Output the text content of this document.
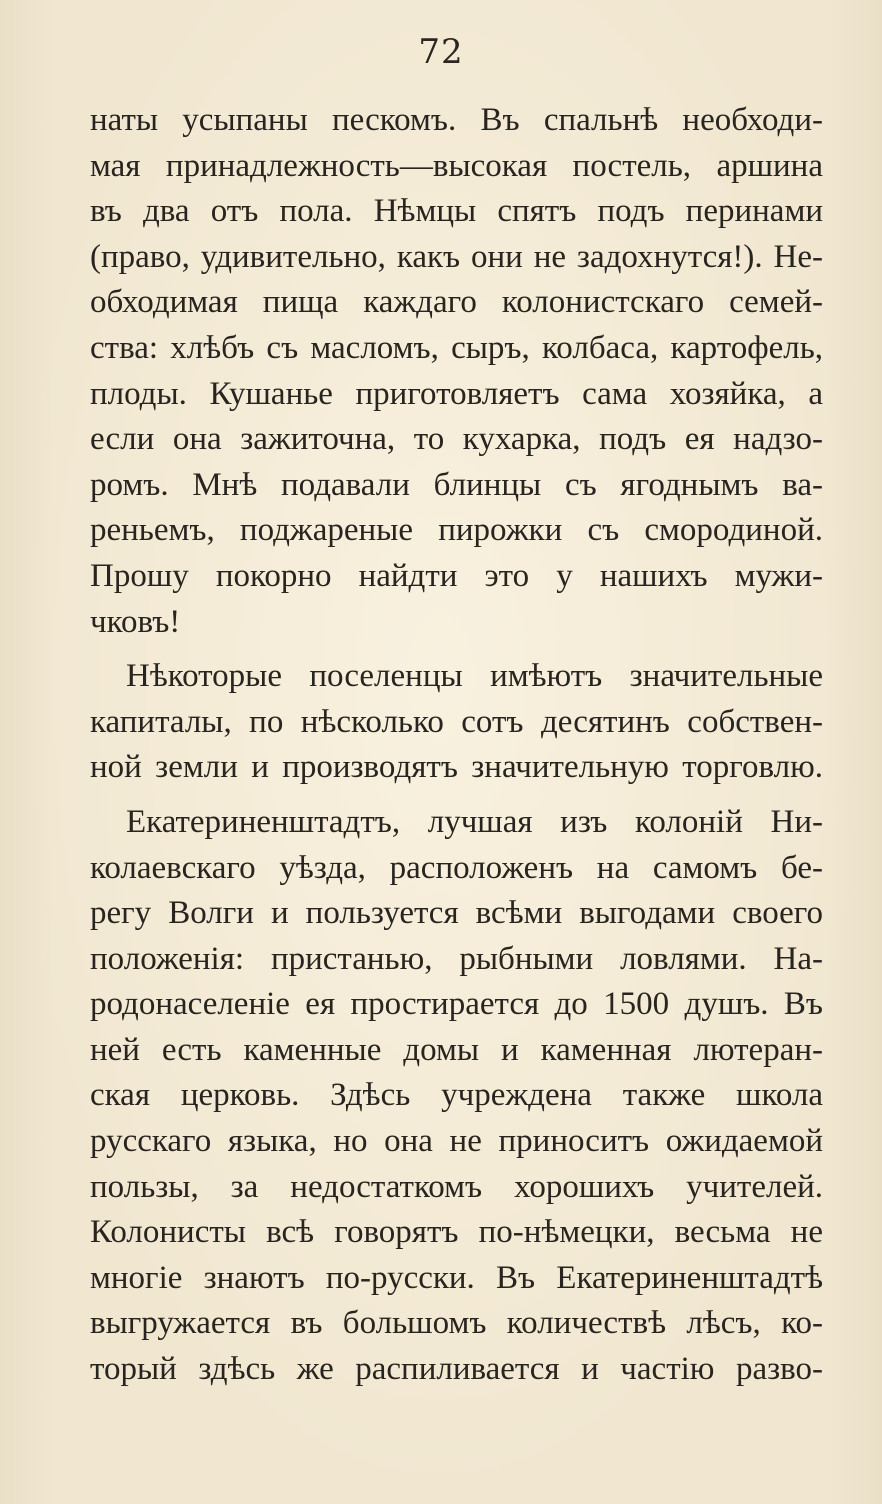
72
наты усыпаны пескомъ. Въ спальнѣ необходи-
мая принадлежность—высокая постель, аршина
въ два отъ пола. Нѣмцы спятъ подъ перинами
(право, удивительно, какъ они не задохнутся!). Не-
обходимая пища каждаго колонистскаго семей-
ства: хлѣбъ съ масломъ, сыръ, колбаса, картофель,
плоды. Кушанье приготовляетъ сама хозяйка, а
если она зажиточна, то кухарка, подъ ея надзо-
ромъ. Мнѣ подавали блинцы съ ягоднымъ ва-
реньемъ, поджареные пирожки съ смородиной.
Прошу покорно найдти это у нашихъ мужи-
чковъ!
Нѣкоторые поселенцы имѣютъ значительные
капиталы, по нѣсколько сотъ десятинъ собствен-
ной земли и производятъ значительную торговлю.
Екатериненштадтъ, лучшая изъ колоній Ни-
колаевскаго уѣзда, расположенъ на самомъ бе-
регу Волги и пользуется всѣми выгодами своего
положенія: пристанью, рыбными ловлями. На-
родонаселеніе ея простирается до 1500 душъ. Въ
ней есть каменные домы и каменная лютеран-
ская церковь. Здѣсь учреждена также школа
русскаго языка, но она не приноситъ ожидаемой
пользы, за недостаткомъ хорошихъ учителей.
Колонисты всѣ говорятъ по-нѣмецки, весьма не
многіе знаютъ по-русски. Въ Екатериненштадтѣ
выгружается въ большомъ количествѣ лѣсъ, ко-
торый здѣсь же распиливается и частію разво-
